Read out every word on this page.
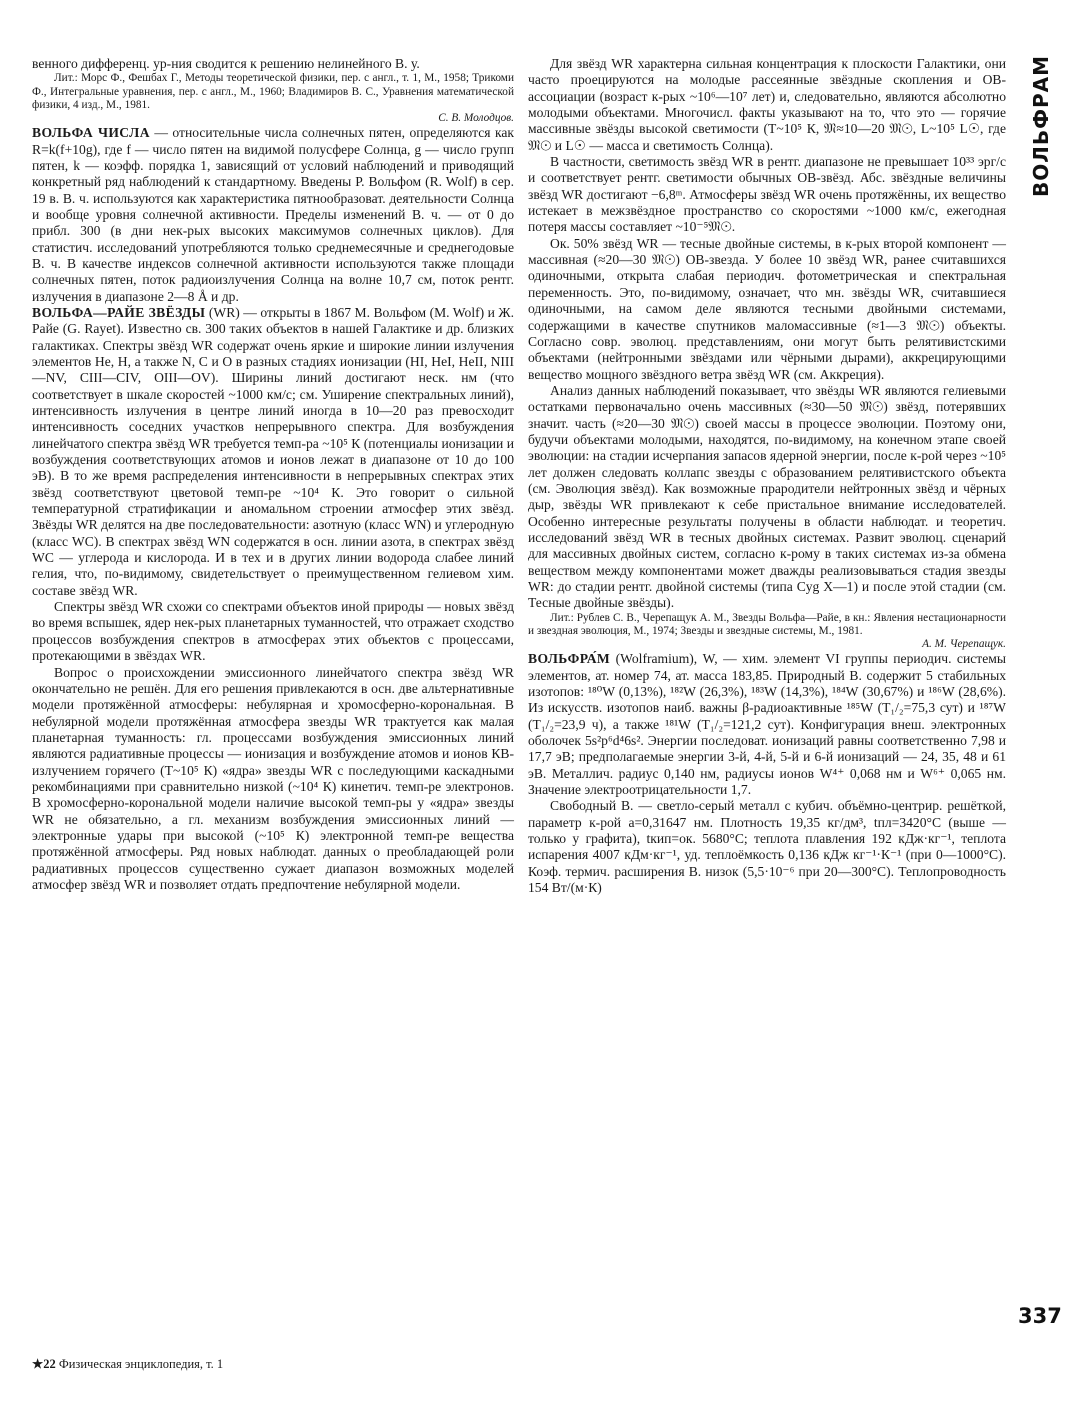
ВОЛЬФРАМ

венного дифференц. ур-ния сводится к решению нелинейного В. у.

Лит.: Морс Ф., Фешбах Г., Методы теоретической физики, пер. с англ., т. 1, М., 1958; Трикоми Ф., Интегральные уравнения, пер. с англ., М., 1960; Владимиров В. С., Уравнения математической физики, 4 изд., М., 1981.

С. В. Молодцов.

ВОЛЬФА ЧИСЛА — относительные числа солнечных пятен, определяются как R=k(f+10g), где f — число пятен на видимой полусфере Солнца, g — число групп пятен, k — коэфф. порядка 1, зависящий от условий наблюдений и приводящий конкретный ряд наблюдений к стандартному. Введены Р. Вольфом (R. Wolf) в сер. 19 в. В. ч. используются как характеристика пятнообразоват. деятельности Солнца и вообще уровня солнечной активности. Пределы изменений В. ч. — от 0 до прибл. 300 (в дни нек-рых высоких максимумов солнечных циклов). Для статистич. исследований употребляются только среднемесячные и среднегодовые В. ч. В качестве индексов солнечной активности используются также площади солнечных пятен, поток радиоизлучения Солнца на волне 10,7 см, поток рентг. излучения в диапазоне 2—8 Å и др.

ВОЛЬФА—РАЙЕ ЗВЁЗДЫ (WR) — открыты в 1867 М. Вольфом (M. Wolf) и Ж. Райе (G. Rayet). Известно св. 300 таких объектов в нашей Галактике и др. близких галактиках. Спектры звёзд WR содержат очень яркие и широкие линии излучения элементов He, H, а также N, C и O в разных стадиях ионизации (HI, HeI, HeII, NIII—NV, CIII—CIV, OIII—OV). Ширины линий достигают неск. нм (что соответствует в шкале скоростей ~1000 км/с; см. Уширение спектральных линий), интенсивность излучения в центре линий иногда в 10—20 раз превосходит интенсивность соседних участков непрерывного спектра. Для возбуждения линейчатого спектра звёзд WR требуется темп-ра ~10⁵ К (потенциалы ионизации и возбуждения соответствующих атомов и ионов лежат в диапазоне от 10 до 100 эВ). В то же время распределения интенсивности в непрерывных спектрах этих звёзд соответствуют цветовой темп-ре ~10⁴ К. Это говорит о сильной температурной стратификации и аномальном строении атмосфер этих звёзд. Звёзды WR делятся на две последовательности: азотную (класс WN) и углеродную (класс WC). В спектрах звёзд WN содержатся в осн. линии азота, в спектрах звёзд WC — углерода и кислорода. И в тех и в других линии водорода слабее линий гелия, что, по-видимому, свидетельствует о преимущественном гелиевом хим. составе звёзд WR.

Спектры звёзд WR схожи со спектрами объектов иной природы — новых звёзд во время вспышек, ядер нек-рых планетарных туманностей, что отражает сходство процессов возбуждения спектров в атмосферах этих объектов с процессами, протекающими в звёздах WR.

Вопрос о происхождении эмиссионного линейчатого спектра звёзд WR окончательно не решён. Для его решения привлекаются в осн. две альтернативные модели протяжённой атмосферы: небулярная и хромосферно-корональная. В небулярной модели протяжённая атмосфера звезды WR трактуется как малая планетарная туманность: гл. процессами возбуждения эмиссионных линий являются радиативные процессы — ионизация и возбуждение атомов и ионов КВ-излучением горячего (T~10⁵ К) «ядра» звезды WR с последующими каскадными рекомбинациями при сравнительно низкой (~10⁴ К) кинетич. темп-ре электронов. В хромосферно-корональной модели наличие высокой темп-ры у «ядра» звезды WR не обязательно, а гл. механизм возбуждения эмиссионных линий — электронные удары при высокой (~10⁵ К) электронной темп-ре вещества протяжённой атмосферы. Ряд новых наблюдат. данных о преобладающей роли радиативных процессов существенно сужает диапазон возможных моделей атмосфер звёзд WR и позволяет отдать предпочтение небулярной модели.

Для звёзд WR характерна сильная концентрация к плоскости Галактики, они часто проецируются на молодые рассеянные звёздные скопления и OB-ассоциации (возраст к-рых ~10⁶—10⁷ лет) и, следовательно, являются абсолютно молодыми объектами. Многочисл. факты указывают на то, что это — горячие массивные звёзды высокой светимости (T~10⁵ К, 𝔐≈10—20 𝔐☉, L~10⁵ L☉, где 𝔐☉ и L☉ — масса и светимость Солнца).

В частности, светимость звёзд WR в рентг. диапазоне не превышает 10³³ эрг/с и соответствует рентг. светимости обычных OB-звёзд. Абс. звёздные величины звёзд WR достигают −6,8ᵐ. Атмосферы звёзд WR очень протяжённы, их вещество истекает в межзвёздное пространство со скоростями ~1000 км/с, ежегодная потеря массы составляет ~10⁻⁵𝔐☉.

Ок. 50% звёзд WR — тесные двойные системы, в к-рых второй компонент — массивная (≈20—30 𝔐☉) OB-звезда. У более 10 звёзд WR, ранее считавшихся одиночными, открыта слабая периодич. фотометрическая и спектральная переменность. Это, по-видимому, означает, что мн. звёзды WR, считавшиеся одиночными, на самом деле являются тесными двойными системами, содержащими в качестве спутников маломассивные (≈1—3 𝔐☉) объекты. Согласно совр. эволюц. представлениям, они могут быть релятивистскими объектами (нейтронными звёздами или чёрными дырами), аккрецирующими вещество мощного звёздного ветра звёзд WR (см. Аккреция).

Анализ данных наблюдений показывает, что звёзды WR являются гелиевыми остатками первоначально очень массивных (≈30—50 𝔐☉) звёзд, потерявших значит. часть (≈20—30 𝔐☉) своей массы в процессе эволюции. Поэтому они, будучи объектами молодыми, находятся, по-видимому, на конечном этапе своей эволюции: на стадии исчерпания запасов ядерной энергии, после к-рой через ~10⁵ лет должен следовать коллапс звезды с образованием релятивистского объекта (см. Эволюция звёзд). Как возможные прародители нейтронных звёзд и чёрных дыр, звёзды WR привлекают к себе пристальное внимание исследователей. Особенно интересные результаты получены в области наблюдат. и теоретич. исследований звёзд WR в тесных двойных системах. Развит эволюц. сценарий для массивных двойных систем, согласно к-рому в таких системах из-за обмена веществом между компонентами может дважды реализовываться стадия звезды WR: до стадии рентг. двойной системы (типа Cyg X—1) и после этой стадии (см. Тесные двойные звёзды).

Лит.: Рублев С. В., Черепащук А. М., Звезды Вольфа—Райе, в кн.: Явления нестационарности и звездная эволюция, М., 1974; Звезды и звездные системы, М., 1981.

А. М. Черепащук.

ВОЛЬФРА́М (Wolframium), W, — хим. элемент VI группы периодич. системы элементов, ат. номер 74, ат. масса 183,85. Природный В. содержит 5 стабильных изотопов: ¹⁸⁰W (0,13%), ¹⁸²W (26,3%), ¹⁸³W (14,3%), ¹⁸⁴W (30,67%) и ¹⁸⁶W (28,6%). Из искусств. изотопов наиб. важны β-радиоактивные ¹⁸⁵W (T₁/₂=75,3 сут) и ¹⁸⁷W (T₁/₂=23,9 ч), а также ¹⁸¹W (T₁/₂=121,2 сут). Конфигурация внеш. электронных оболочек 5s²p⁶d⁴6s². Энергии последоват. ионизаций равны соответственно 7,98 и 17,7 эВ; предполагаемые энергии 3-й, 4-й, 5-й и 6-й ионизаций — 24, 35, 48 и 61 эВ. Металлич. радиус 0,140 нм, радиусы ионов W⁴⁺ 0,068 нм и W⁶⁺ 0,065 нм. Значение электроотрицательности 1,7.

Свободный В. — светло-серый металл с кубич. объёмно-центрир. решёткой, параметр к-рой a=0,31647 нм. Плотность 19,35 кг/дм³, tпл=3420°С (выше — только у графита), tкип=ок. 5680°С; теплота плавления 192 кДж·кг⁻¹, теплота испарения 4007 кДм·кг⁻¹, уд. теплоёмкость 0,136 кДж кг⁻¹·К⁻¹ (при 0—1000°С). Коэф. термич. расширения В. низок (5,5·10⁻⁶ при 20—300°С). Теплопроводность 154 Вт/(м·К)

337
★22 Физическая энциклопедия, т. 1
